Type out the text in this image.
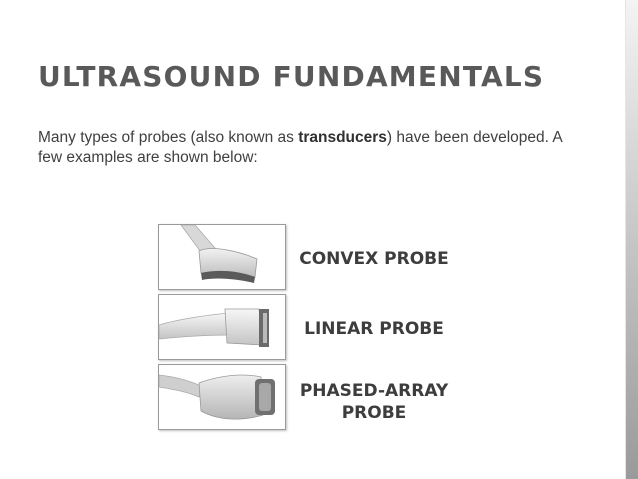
ULTRASOUND FUNDAMENTALS
Many types of probes (also known as transducers) have been developed. A few examples are shown below:
CONVEX PROBE
LINEAR PROBE
PHASED-ARRAY
PROBE
